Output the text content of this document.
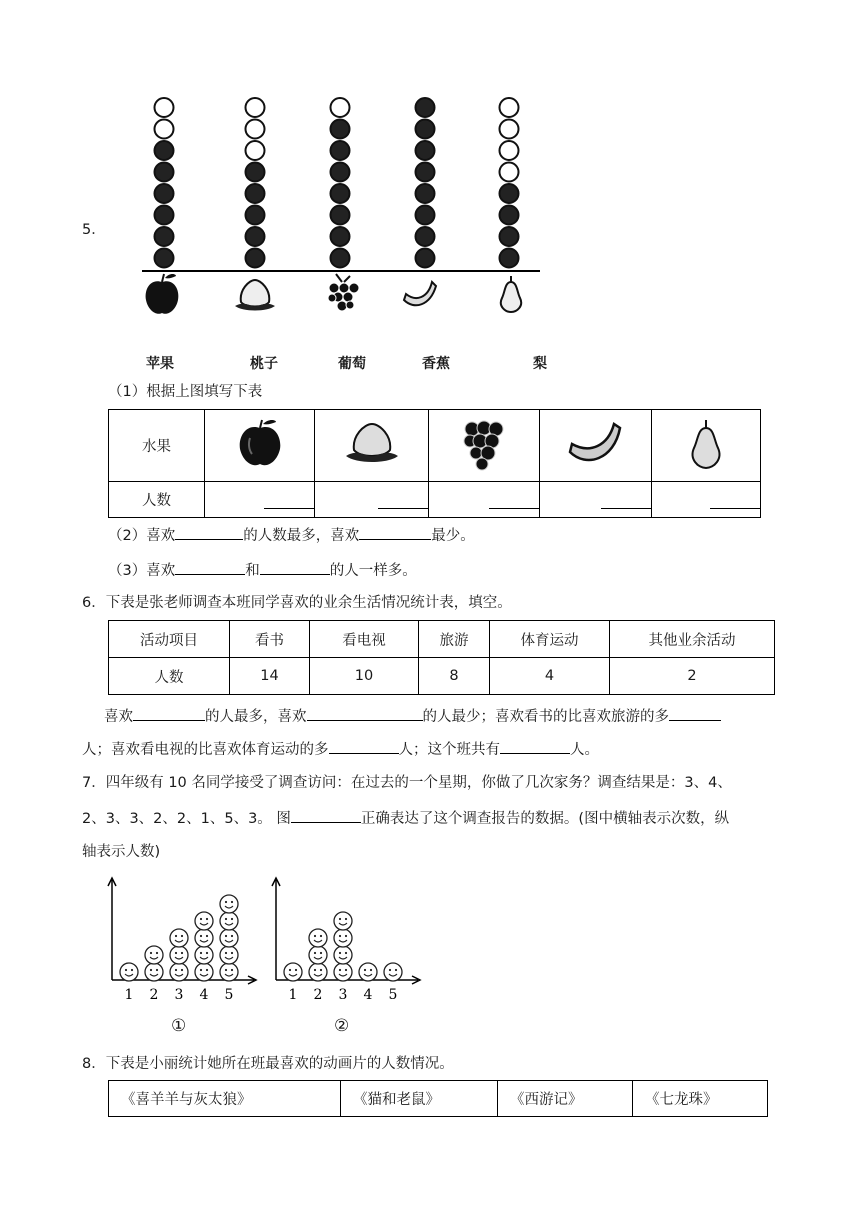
5．
苹果	桃子	葡萄	香蕉	梨
（1）根据上图填写下表
水果					
人数	

（2）喜欢	的人数最多，喜欢	最少。
（3）喜欢	和	的人一样多。
6．下表是张老师调查本班同学喜欢的业余生活情况统计表，填空。
活动项目	看书	看电视	旅游	体育运动	其他业余活动
人数	14	10	8	4	2
喜欢	的人最多，喜欢	的人最少；喜欢看书的比喜欢旅游的多
人；喜欢看电视的比喜欢体育运动的多	人；这个班共有	人。
7．四年级有 10 名同学接受了调查访问：在过去的一个星期，你做了几次家务？调查结果是：3、4、
2、3、3、2、2、1、5、3。 图	正确表达了这个调查报告的数据。(图中横轴表示次数，纵
轴表示人数)
1 2 3 4 5	1 2 3 4 5
①	②
8．下表是小丽统计她所在班最喜欢的动画片的人数情况。
《喜羊羊与灰太狼》	《猫和老鼠》	《西游记》	《七龙珠》
